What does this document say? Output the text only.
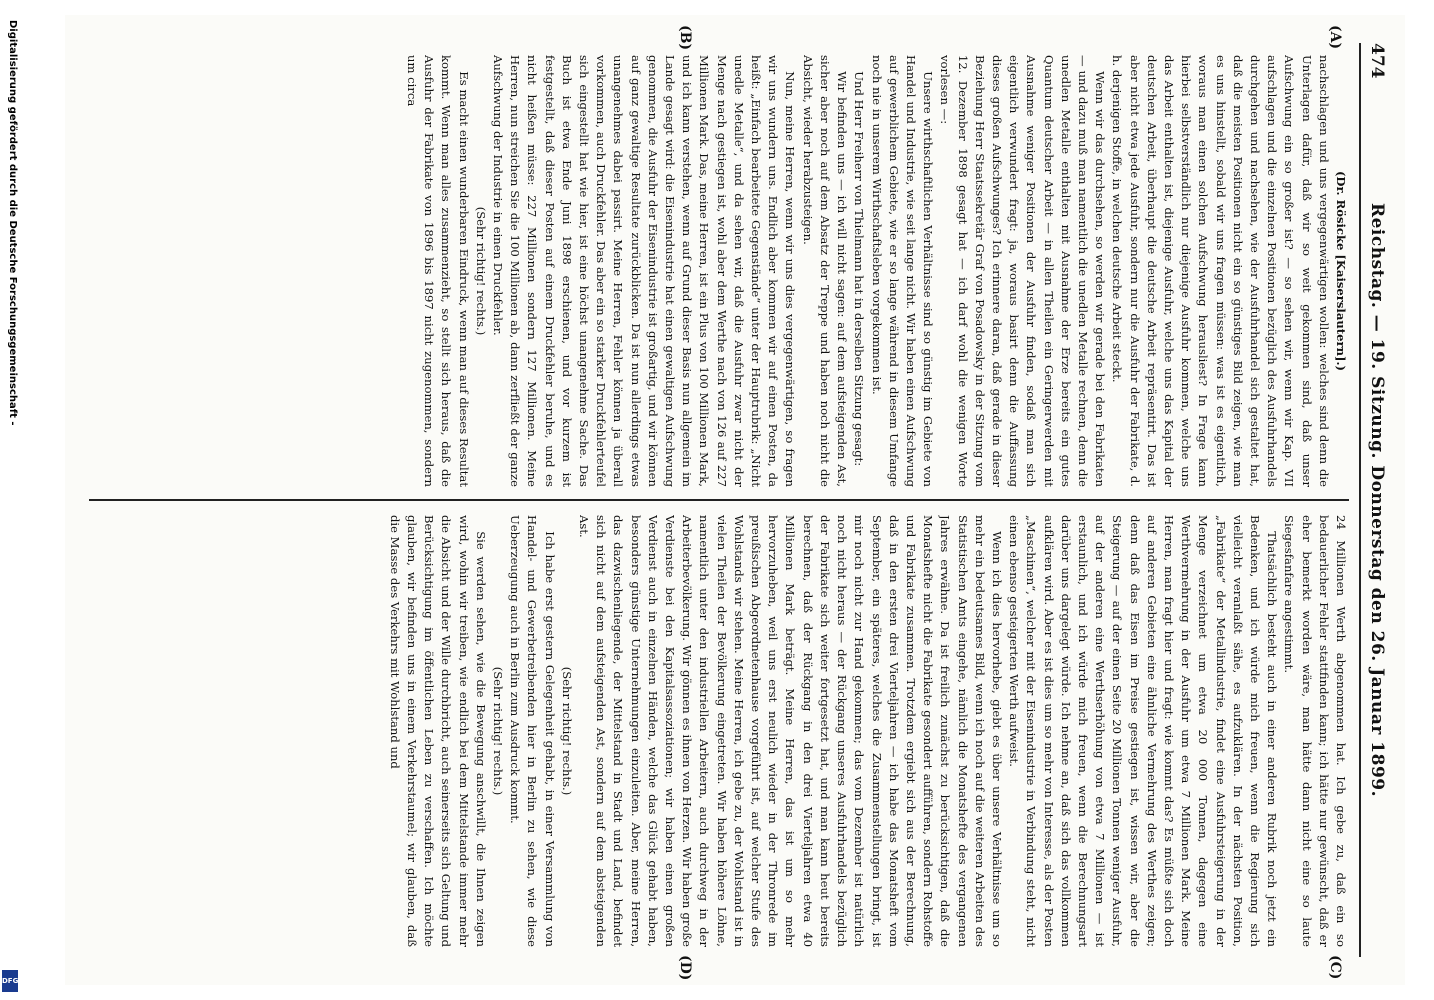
Digitalisierung gefördert durch die Deutsche Forschungsgemeinschaft -
DFG
474
Reichstag. — 19. Sitzung. Donnerstag den 26. Januar 1899.
(A)
(B)
(C)
(D)

(Dr. Rösicke [Kaiserslautern].)

nachschlagen und uns vergegenwärtigen wollen: welches sind denn die Unterlagen dafür, daß wir so weit gekommen sind, daß unser Aufschwung ein so großer ist? — so sehen wir, wenn wir Kap. VII aufschlagen und die einzelnen Positionen bezüglich des Ausfuhrhandels durchgehen und nachsehen, wie der Ausfuhrhandel sich gestaltet hat, daß die meisten Positionen nicht ein so günstiges Bild zeigen, wie man es uns hinstellt, sobald wir uns fragen müssen: was ist es eigentlich, woraus man einen solchen Aufschwung herausliest? In Frage kann hierbei selbstverständlich nur diejenige Ausfuhr kommen, welche uns das Arbeit enthalten ist, diejenige Ausfuhr, welche uns das Kapital der deutschen Arbeit, überhaupt die deutsche Arbeit repräsentirt. Das ist aber nicht etwa jede Ausfuhr, sondern nur die Ausfuhr der Fabrikate, d. h. derjenigen Stoffe, in welchen deutsche Arbeit steckt.

Wenn wir das durchsehen, so werden wir gerade bei den Fabrikaten — und dazu muß man namentlich die unedlen Metalle rechnen, denn die unedlen Metalle enthalten mit Ausnahme der Erze bereits ein gutes Quantum deutscher Arbeit — in allen Theilen ein Geringerwerden mit Ausnahme weniger Positionen der Ausfuhr finden, sodaß man sich eigentlich verwundert fragt: ja, woraus basirt denn die Auffassung dieses großen Aufschwunges? Ich erinnere daran, daß gerade in dieser Beziehung Herr Staatssekretär Graf von Posadowsky in der Sitzung vom 12. Dezember 1898 gesagt hat — ich darf wohl die wenigen Worte vorlesen —:

Unsere wirthschaftlichen Verhältnisse sind so günstig im Gebiete von Handel und Industrie, wie seit lange nicht. Wir haben einen Aufschwung auf gewerblichem Gebiete, wie er so lange während in diesem Umfange noch nie in unserem Wirthschaftsleben vorgekommen ist.

Und Herr Freiherr von Thielmann hat in derselben Sitzung gesagt:

Wir befinden uns — ich will nicht sagen: auf dem aufsteigenden Ast, sicher aber noch auf dem Absatz der Treppe und haben noch nicht die Absicht, wieder herabzusteigen.

Nun, meine Herren, wenn wir uns dies vergegenwärtigen, so fragen wir uns wundern uns. Endlich aber kommen wir auf einen Posten, da heißt: „Einfach bearbeitete Gegenstände“ unter der Hauptrubrik: „Nicht unedle Metalle“, und da sehen wir, daß die Ausfuhr zwar nicht der Menge nach gestiegen ist, wohl aber dem Werthe nach von 126 auf 227 Millionen Mark. Das, meine Herren, ist ein Plus von 100 Millionen Mark, und ich kann verstehen, wenn auf Grund dieser Basis nun allgemein im Lande gesagt wird: die Eisenindustrie hat einen gewaltigen Aufschwung genommen, die Ausfuhr der Eisenindustrie ist großartig, und wir können auf ganz gewaltige Resultate zurückblicken. Da ist nun allerdings etwas unangenehmes dabei passirt. Meine Herren, Fehler können ja überall vorkommen, auch Druckfehler. Das aber ein so starker Druckfehlerteufel sich eingestellt hat wie hier, ist eine höchst unangenehme Sache. Das Buch ist etwa Ende Juni 1898 erschienen, und vor kurzem ist festgestellt, daß dieser Posten auf einem Druckfehler beruhe, und es nicht heißen müsse: 227 Millionen sondern 127 Millionen. Meine Herren, nun streichen Sie die 100 Millionen ab, dann zerfließt der ganze Aufschwung der Industrie in einen Druckfehler.

(Sehr richtig! rechts.)

Es macht einen wunderbaren Eindruck, wenn man auf dieses Resultat kommt. Wenn man alles zusammenzieht, so stellt sich heraus, daß die Ausfuhr der Fabrikate von 1896 bis 1897 nicht zugenommen, sondern um circa

24 Millionen Werth abgenommen hat. Ich gebe zu, daß ein so bedauerlicher Fehler stattfinden kann; ich hätte nur gewünscht, daß er eher bemerkt worden wäre, man hätte dann nicht eine so laute Siegesfanfare angestimmt.

Thatsächlich besteht auch in einer anderen Rubrik noch jetzt ein Bedenken, und ich würde mich freuen, wenn die Regierung sich vielleicht veranlaßt sähe, es aufzuklären. In der nächsten Position, „Fabrikate“ der Metallindustrie, findet eine Ausfuhrsteigerung in der Menge verzeichnet um etwa 20 000 Tonnen, dagegen eine Werthvermehrung in der Ausfuhr um etwa 7 Millionen Mark. Meine Herren, man fragt hier und fragt: wie kommt das? Es müßte sich doch auf anderen Gebieten eine ähnliche Vermehrung des Werthes zeigen; denn daß das Eisen im Preise gestiegen ist, wissen wir, aber die Steigerung — auf der einen Seite 20 Millionen Tonnen weniger Ausfuhr, auf der anderen eine Werthserhöhung von etwa 7 Millionen — ist erstaunlich, und ich würde mich freuen, wenn die Berechnungsart darüber uns dargelegt würde. Ich nehme an, daß sich das vollkommen aufklären wird. Aber es ist dies um so mehr von Interesse, als der Posten „Maschinen“, welcher mit der Eisenindustrie in Verbindung steht, nicht einen ebenso gesteigerten Werth aufweist.

Wenn ich dies hervorhebe, giebt es über unsere Verhältnisse um so mehr ein bedeutsames Bild, wenn ich noch auf die weiteren Arbeiten des Statistischen Amts eingehe, nämlich die Monatshefte des vergangenen Jahres erwähne. Da ist freilich zunächst zu berücksichtigen, daß die Monatshefte nicht die Fabrikate gesondert aufführen, sondern Rohstoffe und Fabrikate zusammen. Trotzdem ergiebt sich aus der Berechnung, daß in den ersten drei Vierteljahren — ich habe das Monatsheft vom September, ein späteres, welches die Zusammenstellungen bringt, ist mir noch nicht zur Hand gekommen; das vom Dezember ist natürlich noch nicht heraus — der Rückgang unseres Ausfuhrhandels bezüglich der Fabrikate sich weiter fortgesetzt hat, und man kann heut bereits berechnen, daß der Rückgang in den drei Vierteljahren etwa 40 Millionen Mark beträgt. Meine Herren, das ist um so mehr hervorzuheben, weil uns erst neulich wieder in der Thronrede im preußischen Abgeordnetenhause vorgeführt ist, auf welcher Stufe des Wohlstands wir stehen. Meine Herren, ich gebe zu, der Wohlstand ist in vielen Theilen der Bevölkerung eingetreten. Wir haben höhere Löhne, namentlich unter den industriellen Arbeitern, auch durchweg in der Arbeiterbevölkerung. Wir gönnen es ihnen von Herzen. Wir haben große Verdienste bei den Kapitalsassoziationen; wir haben einen großen Verdienst auch in einzelnen Händen, welche das Glück gehabt haben, besonders günstige Unternehmungen einzuleiten. Aber, meine Herren, das dazwischenliegende, der Mittelstand in Stadt und Land, befindet sich nicht auf dem aufsteigenden Ast, sondern auf dem absteigenden Ast.

(Sehr richtig! rechts.)

Ich habe erst gestern Gelegenheit gehabt, in einer Versammlung von Handel- und Gewerbetreibenden hier in Berlin zu sehen, wie diese Ueberzeugung auch in Berlin zum Ausdruck kommt.

(Sehr richtig! rechts.)

Sie werden sehen, wie die Bewegung anschwillt, die Ihnen zeigen wird, wohin wir treiben, wie endlich bei dem Mittelstande immer mehr die Absicht und der Wille durchbricht, auch seinerseits sich Geltung und Berücksichtigung im öffentlichen Leben zu verschaffen. Ich möchte glauben, wir befinden uns in einem Verkehrstaumel; wir glauben, daß die Masse des Verkehrs mit Wohlstand und
